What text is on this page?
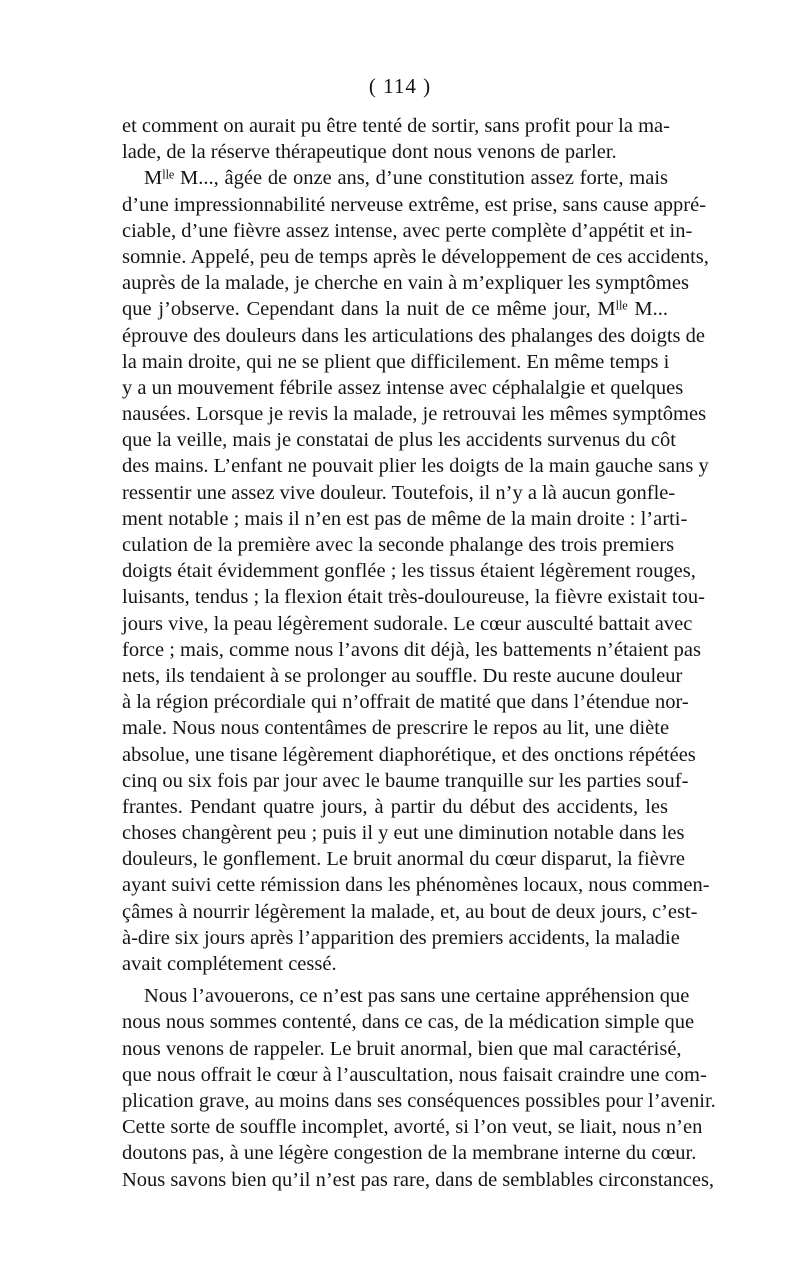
( 114 )
et comment on aurait pu être tenté de sortir, sans profit pour la ma-
lade, de la réserve thérapeutique dont nous venons de parler.
Mˡˡᵉ M..., âgée de onze ans, d’une constitution assez forte, mais
d’une impressionnabilité nerveuse extrême, est prise, sans cause appré-
ciable, d’une fièvre assez intense, avec perte complète d’appétit et in-
somnie. Appelé, peu de temps après le développement de ces accidents,
auprès de la malade, je cherche en vain à m’expliquer les symptômes
que j’observe. Cependant dans la nuit de ce même jour, Mˡˡᵉ M...
éprouve des douleurs dans les articulations des phalanges des doigts de
la main droite, qui ne se plient que difficilement. En même temps i
y a un mouvement fébrile assez intense avec céphalalgie et quelques
nausées. Lorsque je revis la malade, je retrouvai les mêmes symptômes
que la veille, mais je constatai de plus les accidents survenus du côt
des mains. L’enfant ne pouvait plier les doigts de la main gauche sans y
ressentir une assez vive douleur. Toutefois, il n’y a là aucun gonfle-
ment notable ; mais il n’en est pas de même de la main droite : l’arti-
culation de la première avec la seconde phalange des trois premiers
doigts était évidemment gonflée ; les tissus étaient légèrement rouges,
luisants, tendus ; la flexion était très-douloureuse, la fièvre existait tou-
jours vive, la peau légèrement sudorale. Le cœur ausculté battait avec
force ; mais, comme nous l’avons dit déjà, les battements n’étaient pas
nets, ils tendaient à se prolonger au souffle. Du reste aucune douleur
à la région précordiale qui n’offrait de matité que dans l’étendue nor-
male. Nous nous contentâmes de prescrire le repos au lit, une diète
absolue, une tisane légèrement diaphorétique, et des onctions répétées
cinq ou six fois par jour avec le baume tranquille sur les parties souf-
frantes. Pendant quatre jours, à partir du début des accidents, les
choses changèrent peu ; puis il y eut une diminution notable dans les
douleurs, le gonflement. Le bruit anormal du cœur disparut, la fièvre
ayant suivi cette rémission dans les phénomènes locaux, nous commen-
çâmes à nourrir légèrement la malade, et, au bout de deux jours, c’est-
à-dire six jours après l’apparition des premiers accidents, la maladie
avait complétement cessé.
Nous l’avouerons, ce n’est pas sans une certaine appréhension que
nous nous sommes contenté, dans ce cas, de la médication simple que
nous venons de rappeler. Le bruit anormal, bien que mal caractérisé,
que nous offrait le cœur à l’auscultation, nous faisait craindre une com-
plication grave, au moins dans ses conséquences possibles pour l’avenir.
Cette sorte de souffle incomplet, avorté, si l’on veut, se liait, nous n’en
doutons pas, à une légère congestion de la membrane interne du cœur.
Nous savons bien qu’il n’est pas rare, dans de semblables circonstances,
